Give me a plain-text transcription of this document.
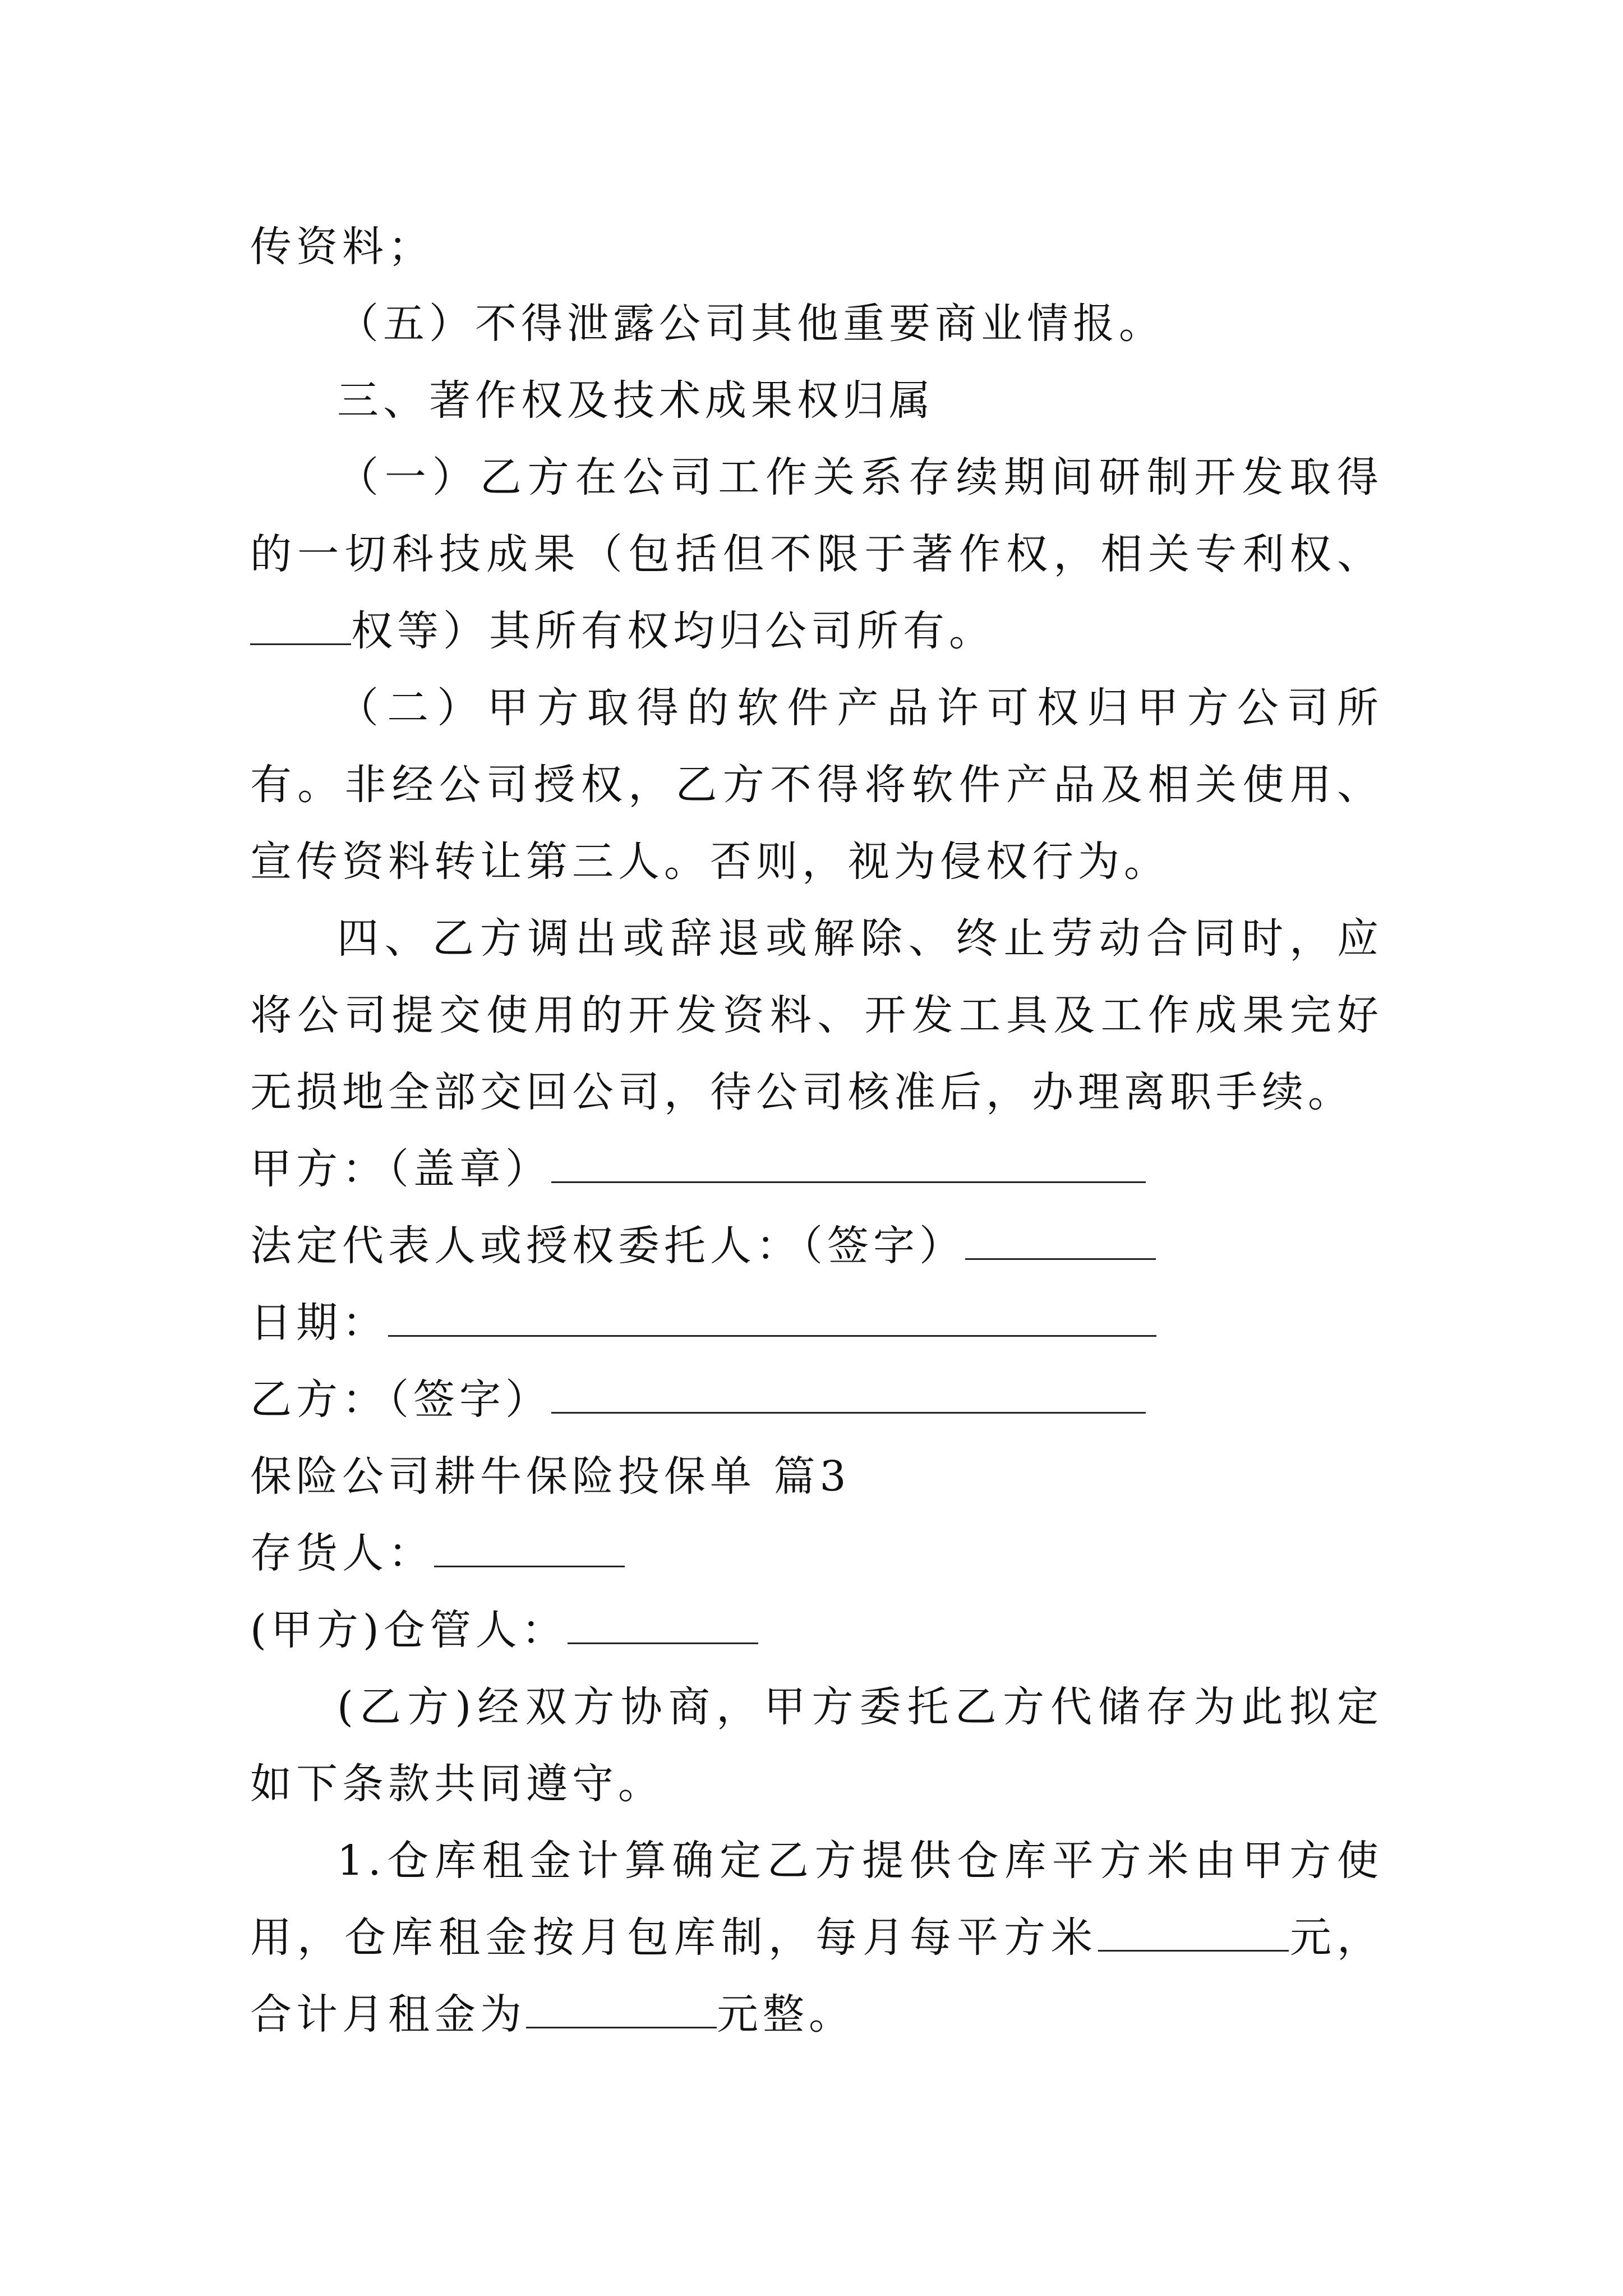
传资料；

（五）不得泄露公司其他重要商业情报。

三、著作权及技术成果权归属

（一）乙方在公司工作关系存续期间研制开发取得的一切科技成果（包括但不限于著作权，相关专利权、权等）其所有权均归公司所有。

（二）甲方取得的软件产品许可权归甲方公司所有。非经公司授权，乙方不得将软件产品及相关使用、宣传资料转让第三人。否则，视为侵权行为。

四、乙方调出或辞退或解除、终止劳动合同时，应将公司提交使用的开发资料、开发工具及工作成果完好无损地全部交回公司，待公司核准后，办理离职手续。

甲方：（盖章）

法定代表人或授权委托人：（签字）

日期：

乙方：（签字）

保险公司耕牛保险投保单 篇3

存货人：

(甲方)仓管人：

(乙方)经双方协商，甲方委托乙方代储存为此拟定如下条款共同遵守。

1.仓库租金计算确定乙方提供仓库平方米由甲方使用，仓库租金按月包库制，每月每平方米	元，合计月租金为	元整。
